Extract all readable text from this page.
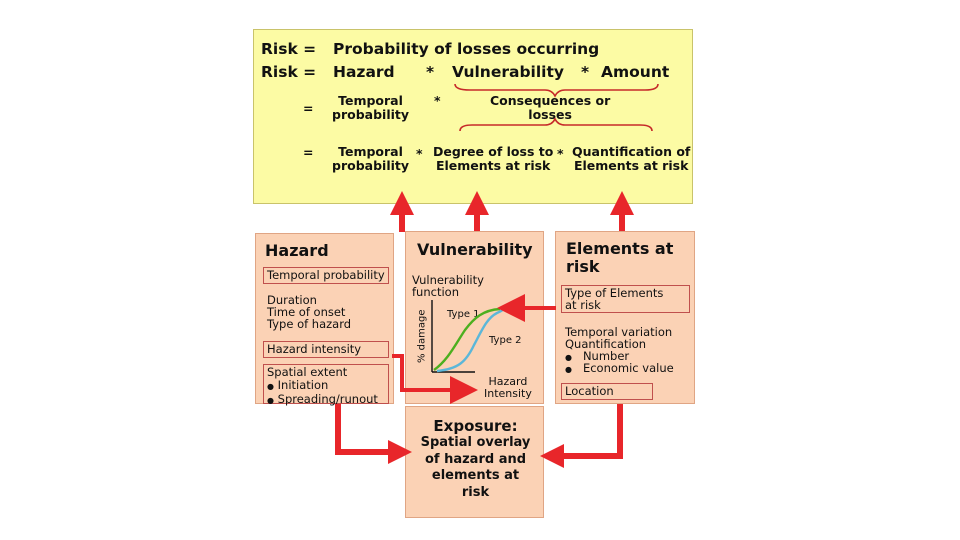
Risk = Probability of losses occurring
Risk = Hazard * Vulnerability * Amount
=
Temporal
probability
*	Consequences or
losses
=	Temporal
probability
* Degree of loss to
Elements at risk
* Quantification of
Elements at risk
Hazard
Temporal probability
Duration
Time of onset
Type of hazard
Hazard intensity
Spatial extent
● Initiation
● Spreading/runout
Vulnerability
Vulnerability
function
% damage
Hazard
Intensity
Type 1
Type 2
Elements at
risk
Type of Elements
at risk
Temporal variation
Quantification
● Number
● Economic value
Location
Exposure:
Spatial overlay
of hazard and
elements at
risk
